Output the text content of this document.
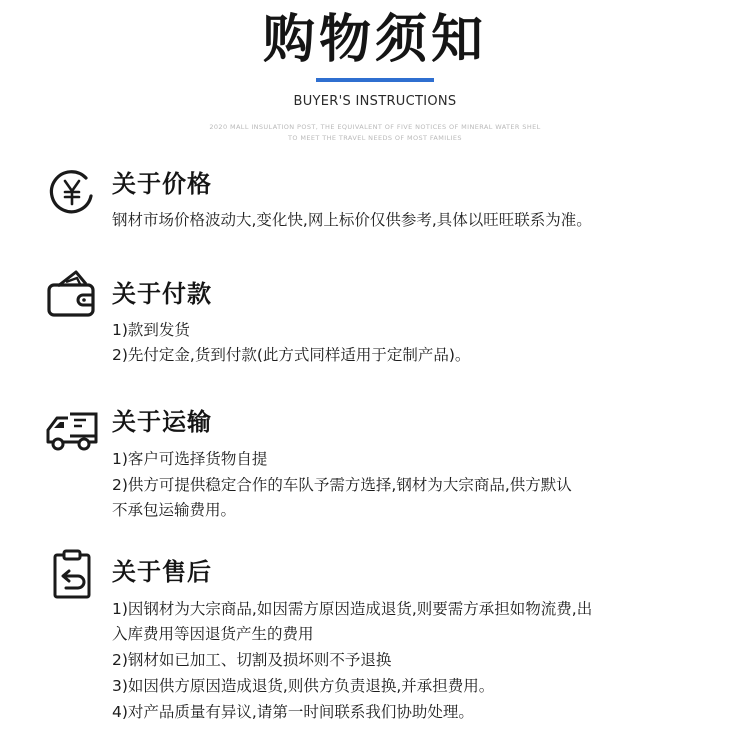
购物须知
BUYER'S INSTRUCTIONS
2020 MALL INSULATION POST, THE EQUIVALENT OF FIVE NOTICES OF MINERAL WATER SHEL
TO MEET THE TRAVEL NEEDS OF MOST FAMILIES
关于价格
钢材市场价格波动大,变化快,网上标价仅供参考,具体以旺旺联系为准。
关于付款
1)款到发货
2)先付定金,货到付款(此方式同样适用于定制产品)。
关于运输
1)客户可选择货物自提
2)供方可提供稳定合作的车队予需方选择,钢材为大宗商品,供方默认
不承包运输费用。
关于售后
1)因钢材为大宗商品,如因需方原因造成退货,则要需方承担如物流费,出
入库费用等因退货产生的费用
2)钢材如已加工、切割及损坏则不予退换
3)如因供方原因造成退货,则供方负责退换,并承担费用。
4)对产品质量有异议,请第一时间联系我们协助处理。
